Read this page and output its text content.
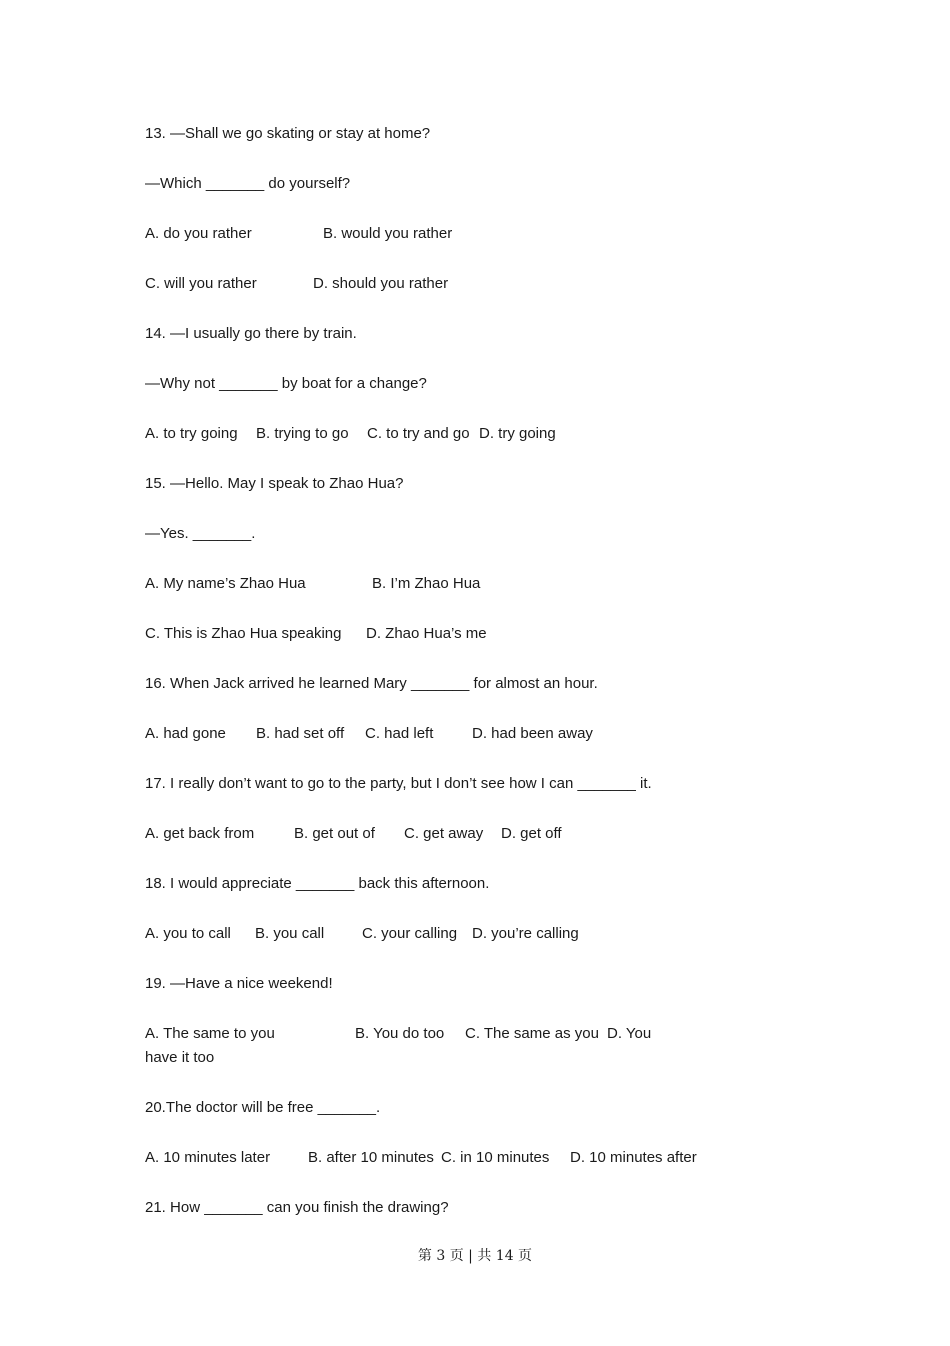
13. —Shall we go skating or stay at home?
—Which _______ do yourself?
A. do you rather	B. would you rather
C. will you rather	D. should you rather
14. —I usually go there by train.
—Why not _______ by boat for a change?
A. to try going	B. trying to go	C. to try and go D. try going
15. —Hello. May I speak to Zhao Hua?
—Yes. _______.
A. My name’s Zhao Hua	B. I’m Zhao Hua
C. This is Zhao Hua speaking	D. Zhao Hua’s me
16. When Jack arrived he learned Mary _______ for almost an hour.
A. had gone	B. had set off	C. had left	D. had been away
17. I really don’t want to go to the party, but I don’t see how I can _______ it.
A. get back from	B. get out of	C. get away	D. get off
18. I would appreciate _______ back this afternoon.
A. you to call	B. you call	C. your calling D. you’re calling
19. —Have a nice weekend!
A. The same to you	B. You do too C. The same as you D. You have it too
20.The doctor will be free _______.
A. 10 minutes later	B. after 10 minutes C. in 10 minutes	D. 10 minutes after
21. How _______ can you finish the drawing?
第 3 页 | 共 14 页
